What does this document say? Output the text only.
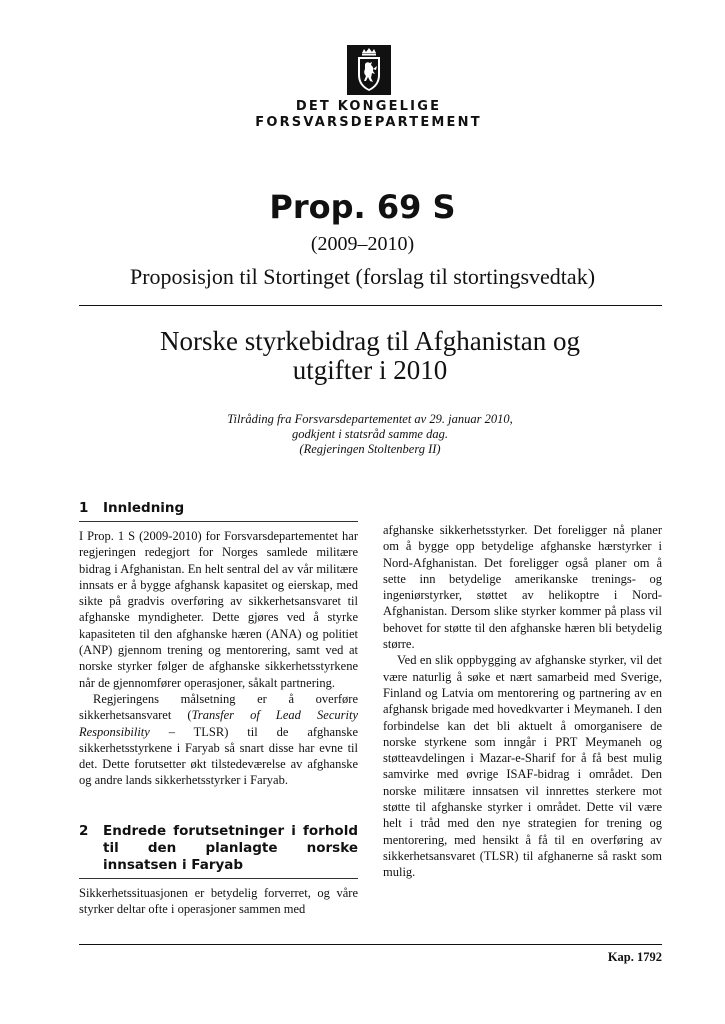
DET KONGELIGE
FORSVARSDEPARTEMENT
Prop. 69 S
(2009–2010)
Proposisjon til Stortinget (forslag til stortingsvedtak)
Norske styrkebidrag til Afghanistan og utgifter i 2010
Tilråding fra Forsvarsdepartementet av 29. januar 2010,
godkjent i statsråd samme dag.
(Regjeringen Stoltenberg II)
1 Innledning

I Prop. 1 S (2009-2010) for Forsvarsdepartementet har regjeringen redegjort for Norges samlede militære bidrag i Afghanistan. En helt sentral del av vår militære innsats er å bygge afghansk kapasitet og eierskap, med sikte på gradvis overføring av sikkerhetsansvaret til afghanske myndigheter. Dette gjøres ved å styrke kapasiteten til den afghanske hæren (ANA) og politiet (ANP) gjennom trening og mentorering, samt ved at norske styrker følger de afghanske sikkerhetsstyrkene når de gjennomfører operasjoner, såkalt partnering.

Regjeringens målsetning er å overføre sikkerhetsansvaret (Transfer of Lead Security Responsibility – TLSR) til de afghanske sikkerhetsstyrkene i Faryab så snart disse har evne til det. Dette forutsetter økt tilstedeværelse av afghanske og andre lands sikkerhetsstyrker i Faryab.

2 Endrede forutsetninger i forhold til den planlagte norske innsatsen i Faryab

Sikkerhetssituasjonen er betydelig forverret, og våre styrker deltar ofte i operasjoner sammen med

afghanske sikkerhetsstyrker. Det foreligger nå planer om å bygge opp betydelige afghanske hærstyrker i Nord-Afghanistan. Det foreligger også planer om å sette inn betydelige amerikanske trenings- og ingeniørstyrker, støttet av helikoptre i Nord-Afghanistan. Dersom slike styrker kommer på plass vil behovet for støtte til den afghanske hæren bli betydelig større.

Ved en slik oppbygging av afghanske styrker, vil det være naturlig å søke et nært samarbeid med Sverige, Finland og Latvia om mentorering og partnering av en afghansk brigade med hovedkvarter i Meymaneh. I den forbindelse kan det bli aktuelt å omorganisere de norske styrkene som inngår i PRT Meymaneh og støtteavdelingen i Mazar-e-Sharif for å få best mulig samvirke med øvrige ISAF-bidrag i området. Den norske militære innsatsen vil innrettes sterkere mot støtte til afghanske styrker i området. Dette vil være helt i tråd med den nye strategien for trening og mentorering, med hensikt å få til en overføring av sikkerhetsansvaret (TLSR) til afghanerne så raskt som mulig.

Kap. 1792
